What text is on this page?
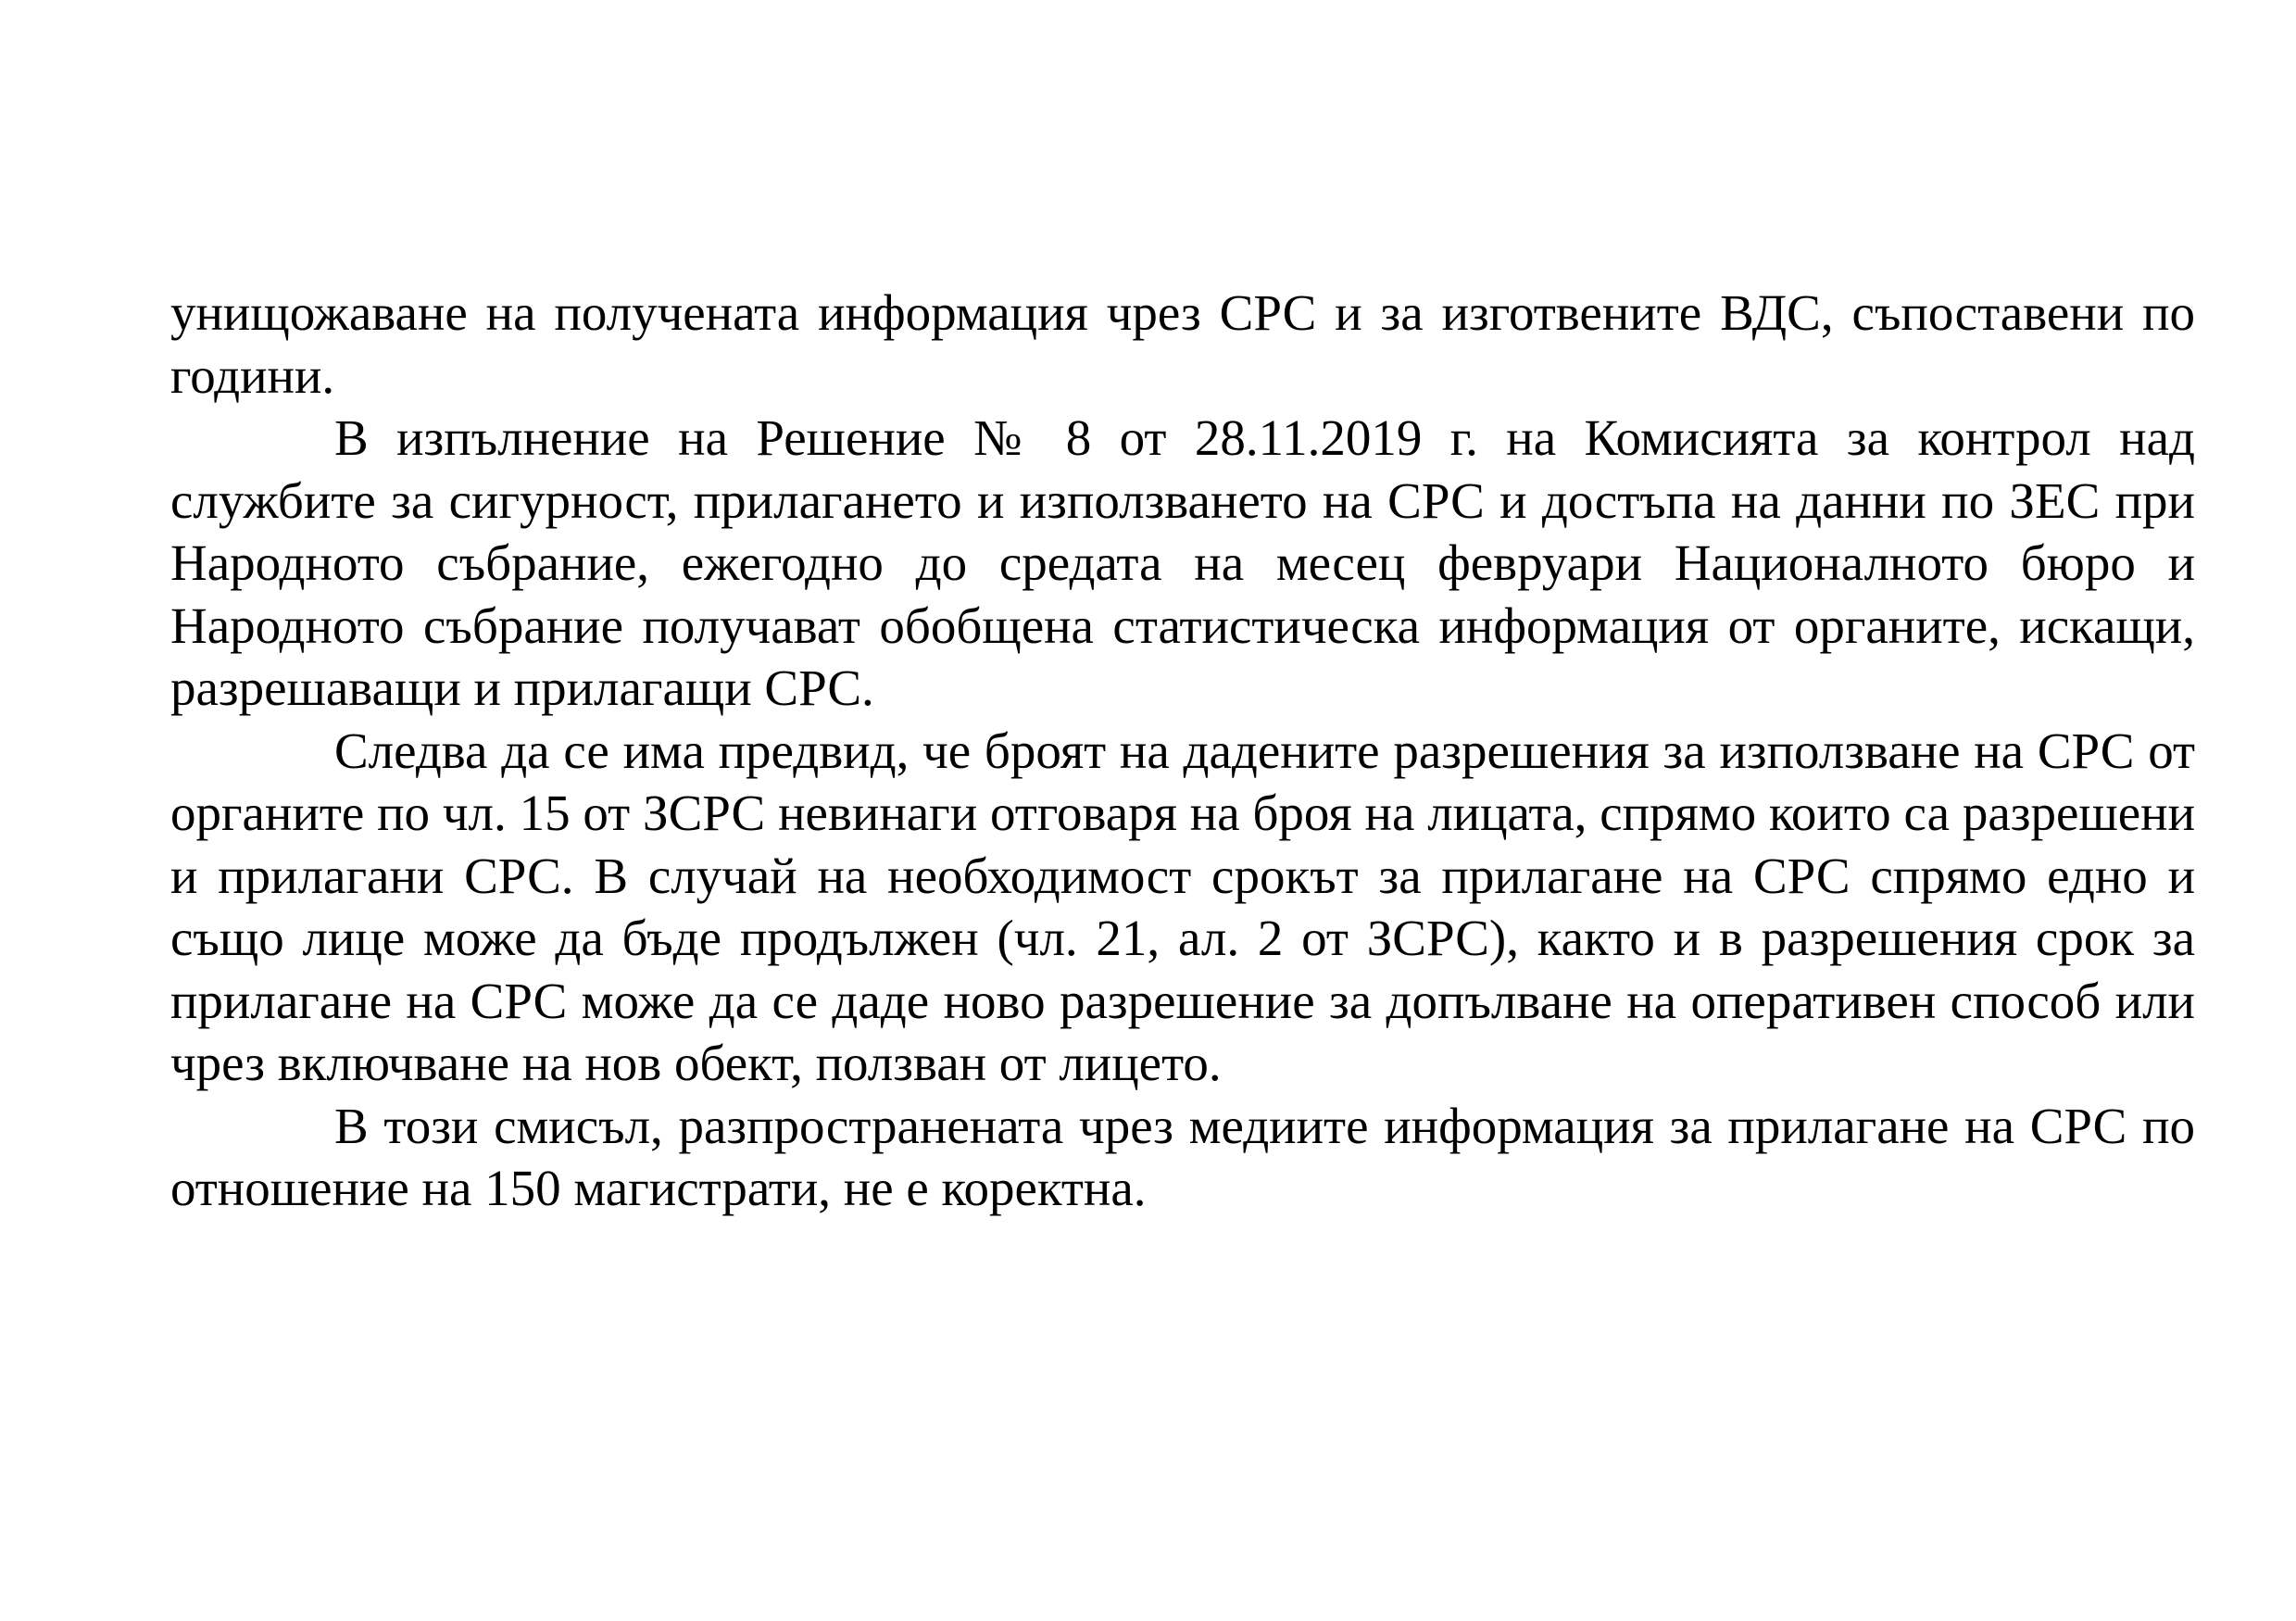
унищожаване на получената информация чрез СРС и за изготвените ВДС, съпоставени по години.

В изпълнение на Решение № 8 от 28.11.2019 г. на Комисията за контрол над службите за сигурност, прилагането и използването на СРС и достъпа на данни по ЗЕС при Народното събрание, ежегодно до средата на месец февруари Националното бюро и Народното събрание получават обобщена статистическа информация от органите, искащи, разрешаващи и прилагащи СРС.

Следва да се има предвид, че броят на дадените разрешения за използване на СРС от органите по чл. 15 от ЗСРС невинаги отговаря на броя на лицата, спрямо които са разрешени и прилагани СРС. В случай на необходимост срокът за прилагане на СРС спрямо едно и също лице може да бъде продължен (чл. 21, ал. 2 от ЗСРС), както и в разрешения срок за прилагане на СРС може да се даде ново разрешение за допълване на оперативен способ или чрез включване на нов обект, ползван от лицето.

В този смисъл, разпространената чрез медиите информация за прилагане на СРС по отношение на 150 магистрати, не е коректна.
